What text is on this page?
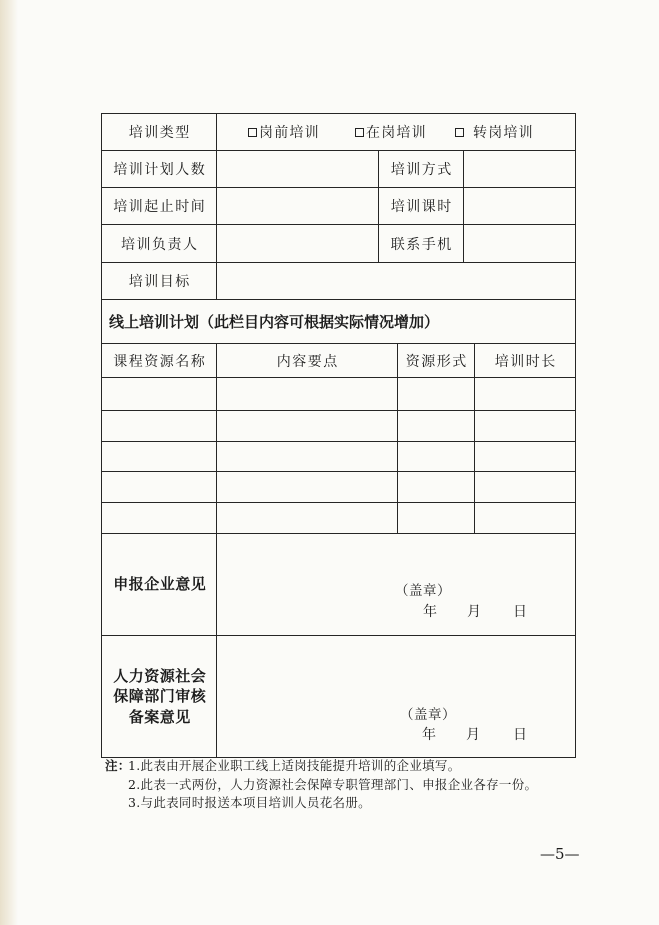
培训类型	岗前培训	在岗培训	转岗培训
培训计划人数	培训方式
培训起止时间	培训课时
培训负责人	联系手机
培训目标
线上培训计划（此栏目内容可根据实际情况增加）
课程资源名称	内容要点	资源形式	培训时长
申报企业意见	（盖章）
年 月 日
人力资源社会
保障部门审核
备案意见	（盖章）
年 月 日
注：
1.此表由开展企业职工线上适岗技能提升培训的企业填写。
2.此表一式两份，人力资源社会保障专职管理部门、申报企业各存一份。
3.与此表同时报送本项目培训人员花名册。
—5—
